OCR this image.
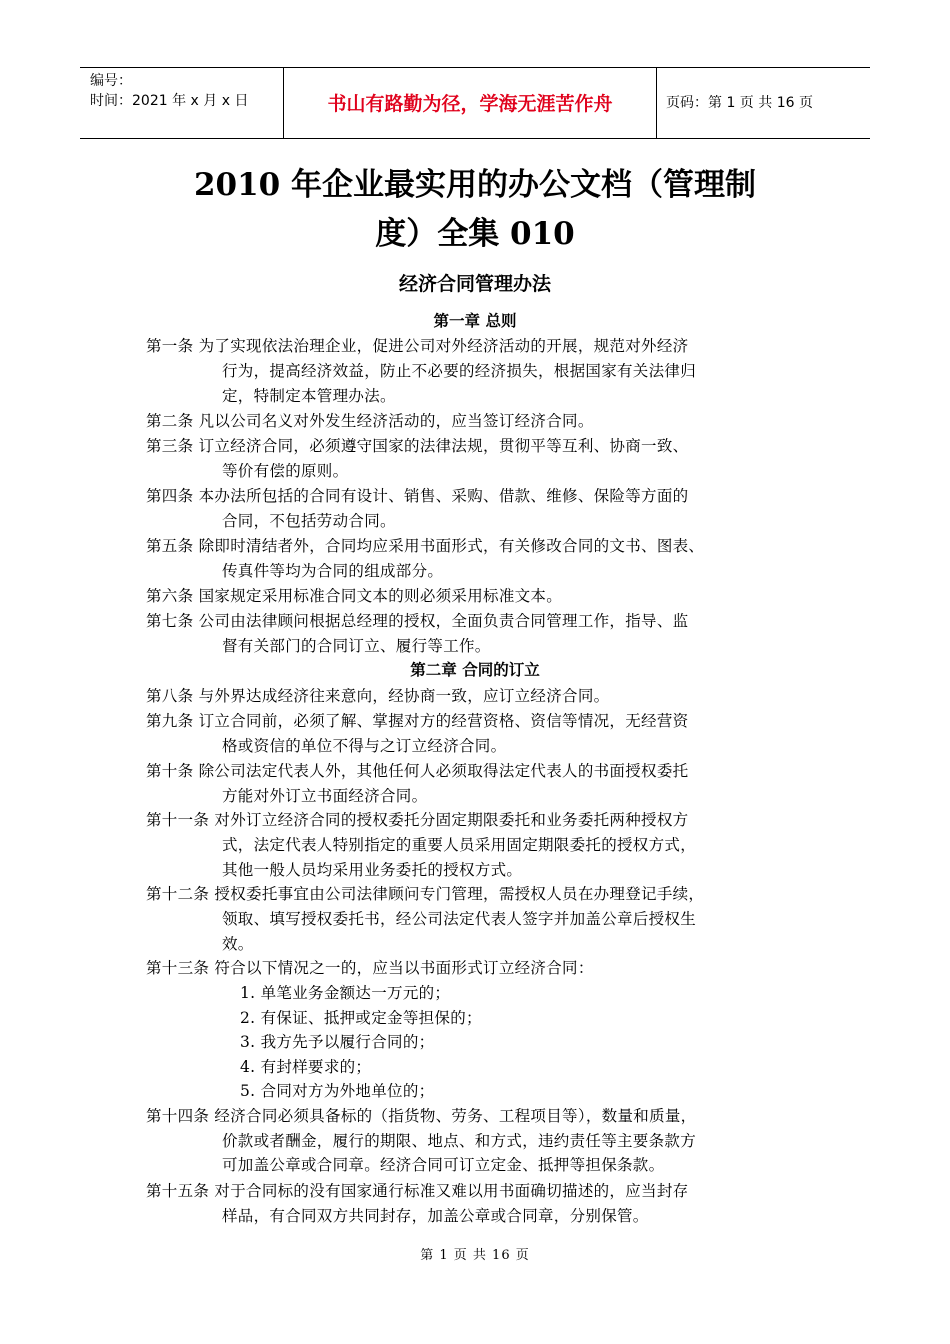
编号：
时间：2021 年 x 月 x 日	书山有路勤为径，学海无涯苦作舟	页码：第 1 页 共 16 页
2010 年企业最实用的办公文档（管理制
度）全集 010
经济合同管理办法
第一章 总则
第二章 合同的订立
第一条 为了实现依法治理企业，促进公司对外经济活动的开展，规范对外经济
行为，提高经济效益，防止不必要的经济损失，根据国家有关法律归
定，特制定本管理办法。
第二条 凡以公司名义对外发生经济活动的，应当签订经济合同。
第三条 订立经济合同，必须遵守国家的法律法规，贯彻平等互利、协商一致、
等价有偿的原则。
第四条 本办法所包括的合同有设计、销售、采购、借款、维修、保险等方面的
合同，不包括劳动合同。
第五条 除即时清结者外，合同均应采用书面形式，有关修改合同的文书、图表、
传真件等均为合同的组成部分。
第六条 国家规定采用标准合同文本的则必须采用标准文本。
第七条 公司由法律顾问根据总经理的授权，全面负责合同管理工作，指导、监
督有关部门的合同订立、履行等工作。
第八条 与外界达成经济往来意向，经协商一致，应订立经济合同。
第九条 订立合同前，必须了解、掌握对方的经营资格、资信等情况，无经营资
格或资信的单位不得与之订立经济合同。
第十条 除公司法定代表人外，其他任何人必须取得法定代表人的书面授权委托
方能对外订立书面经济合同。
第十一条 对外订立经济合同的授权委托分固定期限委托和业务委托两种授权方
式，法定代表人特别指定的重要人员采用固定期限委托的授权方式，
其他一般人员均采用业务委托的授权方式。
第十二条 授权委托事宜由公司法律顾问专门管理，需授权人员在办理登记手续，
领取、填写授权委托书，经公司法定代表人签字并加盖公章后授权生
效。
第十三条 符合以下情况之一的，应当以书面形式订立经济合同：
1. 单笔业务金额达一万元的；
2. 有保证、抵押或定金等担保的；
3. 我方先予以履行合同的；
4. 有封样要求的；
5. 合同对方为外地单位的；
第十四条 经济合同必须具备标的（指货物、劳务、工程项目等），数量和质量，
价款或者酬金，履行的期限、地点、和方式，违约责任等主要条款方
可加盖公章或合同章。经济合同可订立定金、抵押等担保条款。
第十五条 对于合同标的没有国家通行标准又难以用书面确切描述的，应当封存
样品，有合同双方共同封存，加盖公章或合同章，分别保管。
第 1 页 共 16 页
